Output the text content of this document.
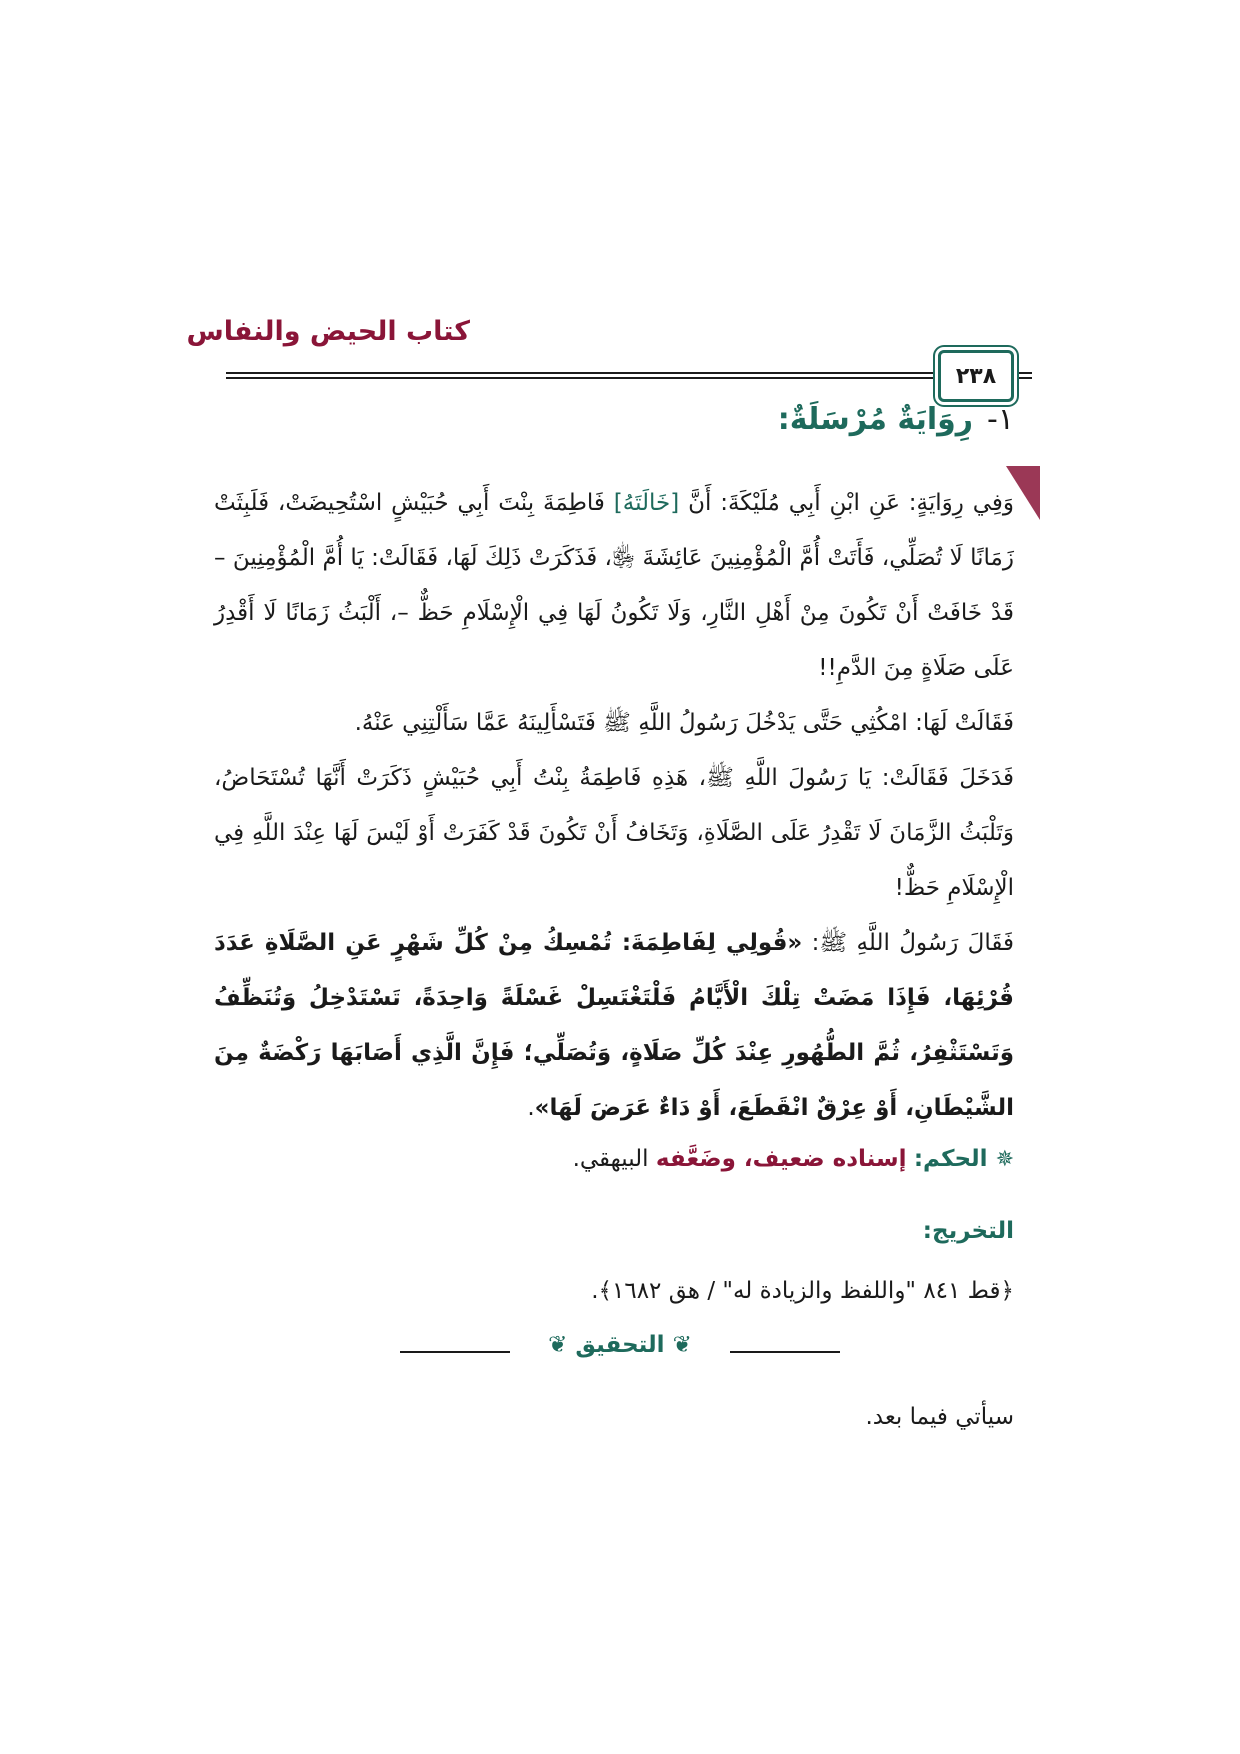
كتاب الحيض والنفاس
٢٣٨
١-رِوَايَةٌ مُرْسَلَةٌ:

وَفِي رِوَايَةٍ: عَنِ ابْنِ أَبِي مُلَيْكَةَ: أَنَّ [خَالَتَهُ] فَاطِمَةَ بِنْتَ أَبِي حُبَيْشٍ اسْتُحِيضَتْ، فَلَبِثَتْ زَمَانًا لَا تُصَلِّي، فَأَتَتْ أُمَّ الْمُؤْمِنِينَ عَائِشَةَ ﵂، فَذَكَرَتْ ذَلِكَ لَهَا، فَقَالَتْ: يَا أُمَّ الْمُؤْمِنِينَ – قَدْ خَافَتْ أَنْ تَكُونَ مِنْ أَهْلِ النَّارِ، وَلَا تَكُونُ لَهَا فِي الْإِسْلَامِ حَظٌّ –، أَلْبَثُ زَمَانًا لَا أَقْدِرُ عَلَى صَلَاةٍ مِنَ الدَّمِ!!

فَقَالَتْ لَهَا: امْكُثِي حَتَّى يَدْخُلَ رَسُولُ اللَّهِ ﷺ فَتَسْأَلِينَهُ عَمَّا سَأَلْتِنِي عَنْهُ.

فَدَخَلَ فَقَالَتْ: يَا رَسُولَ اللَّهِ ﷺ، هَذِهِ فَاطِمَةُ بِنْتُ أَبِي حُبَيْشٍ ذَكَرَتْ أَنَّهَا تُسْتَحَاضُ، وَتَلْبَثُ الزَّمَانَ لَا تَقْدِرُ عَلَى الصَّلَاةِ، وَتَخَافُ أَنْ تَكُونَ قَدْ كَفَرَتْ أَوْ لَيْسَ لَهَا عِنْدَ اللَّهِ فِي الْإِسْلَامِ حَظٌّ!

فَقَالَ رَسُولُ اللَّهِ ﷺ: «قُولِي لِفَاطِمَةَ: تُمْسِكُ مِنْ كُلِّ شَهْرٍ عَنِ الصَّلَاةِ عَدَدَ قُرْئِهَا، فَإِذَا مَضَتْ تِلْكَ الْأَيَّامُ فَلْتَغْتَسِلْ غَسْلَةً وَاحِدَةً، تَسْتَدْخِلُ وَتُنَظِّفُ وَتَسْتَثْفِرُ، ثُمَّ الطُّهُورِ عِنْدَ كُلِّ صَلَاةٍ، وَتُصَلِّي؛ فَإِنَّ الَّذِي أَصَابَهَا رَكْضَةٌ مِنَ الشَّيْطَانِ، أَوْ عِرْقٌ انْقَطَعَ، أَوْ دَاءٌ عَرَضَ لَهَا».

✵الحكم: إسناده ضعيف، وضَعَّفه البيهقي.
التخريج:
﴿قط ٨٤١ "واللفظ والزيادة له" / هق ١٦٨٢﴾.
❦ التحقيق ❦
سيأتي فيما بعد.
